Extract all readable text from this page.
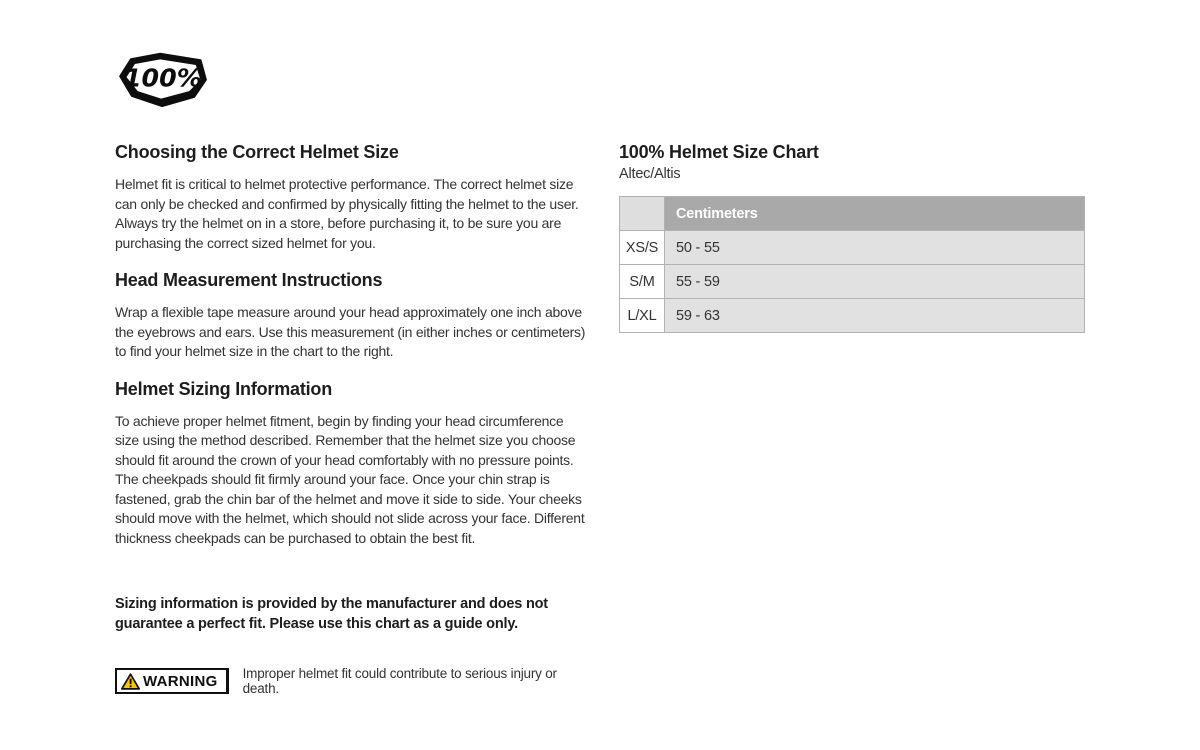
100%
Choosing the Correct Helmet Size

Helmet fit is critical to helmet protective performance. The correct helmet size can only be checked and confirmed by physically fitting the helmet to the user. Always try the helmet on in a store, before purchasing it, to be sure you are purchasing the correct sized helmet for you.

Head Measurement Instructions

Wrap a flexible tape measure around your head approximately one inch above the eyebrows and ears. Use this measurement (in either inches or centimeters) to find your helmet size in the chart to the right.

Helmet Sizing Information

To achieve proper helmet fitment, begin by finding your head circumference size using the method described. Remember that the helmet size you choose should fit around the crown of your head comfortably with no pressure points. The cheekpads should fit firmly around your face. Once your chin strap is fastened, grab the chin bar of the helmet and move it side to side. Your cheeks should move with the helmet, which should not slide across your face. Different thickness cheekpads can be purchased to obtain the best fit.

Sizing information is provided by the manufacturer and does not guarantee a perfect fit. Please use this chart as a guide only.

WARNING Improper helmet fit could contribute to serious injury or death.
100% Helmet Size Chart
Altec/Altis
	Centimeters
XS/S	50 - 55
S/M	55 - 59
L/XL	59 - 63
